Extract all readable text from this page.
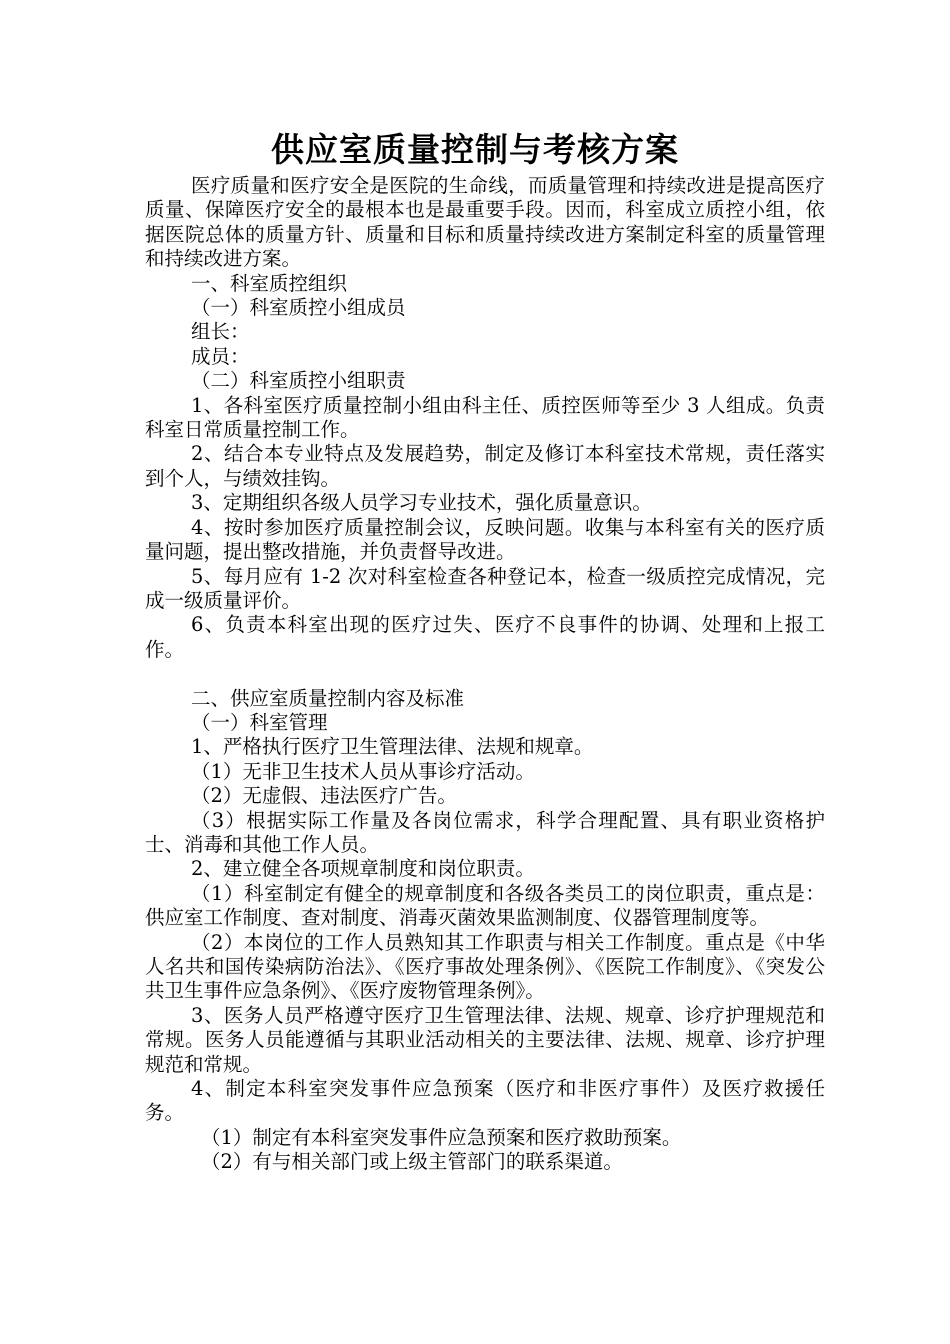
供应室质量控制与考核方案

医疗质量和医疗安全是医院的生命线，而质量管理和持续改进是提高医疗质量、保障医疗安全的最根本也是最重要手段。因而，科室成立质控小组，依据医院总体的质量方针、质量和目标和质量持续改进方案制定科室的质量管理和持续改进方案。

一、科室质控组织

（一）科室质控小组成员

组长：

成员：

（二）科室质控小组职责

1、各科室医疗质量控制小组由科主任、质控医师等至少 3 人组成。负责科室日常质量控制工作。

2、结合本专业特点及发展趋势，制定及修订本科室技术常规，责任落实到个人，与绩效挂钩。

3、定期组织各级人员学习专业技术，强化质量意识。

4、按时参加医疗质量控制会议，反映问题。收集与本科室有关的医疗质量问题，提出整改措施，并负责督导改进。

5、每月应有 1-2 次对科室检查各种登记本，检查一级质控完成情况，完成一级质量评价。

6、负责本科室出现的医疗过失、医疗不良事件的协调、处理和上报工作。

二、供应室质量控制内容及标准

（一）科室管理

1、严格执行医疗卫生管理法律、法规和规章。

（1）无非卫生技术人员从事诊疗活动。

（2）无虚假、违法医疗广告。

（3）根据实际工作量及各岗位需求，科学合理配置、具有职业资格护士、消毒和其他工作人员。

2、建立健全各项规章制度和岗位职责。

（1）科室制定有健全的规章制度和各级各类员工的岗位职责，重点是：供应室工作制度、查对制度、消毒灭菌效果监测制度、仪器管理制度等。

（2）本岗位的工作人员熟知其工作职责与相关工作制度。重点是《中华人名共和国传染病防治法》、《医疗事故处理条例》、《医院工作制度》、《突发公共卫生事件应急条例》、《医疗废物管理条例》。

3、医务人员严格遵守医疗卫生管理法律、法规、规章、诊疗护理规范和常规。医务人员能遵循与其职业活动相关的主要法律、法规、规章、诊疗护理规范和常规。

4、制定本科室突发事件应急预案（医疗和非医疗事件）及医疗救援任务。

（1）制定有本科室突发事件应急预案和医疗救助预案。

（2）有与相关部门或上级主管部门的联系渠道。
